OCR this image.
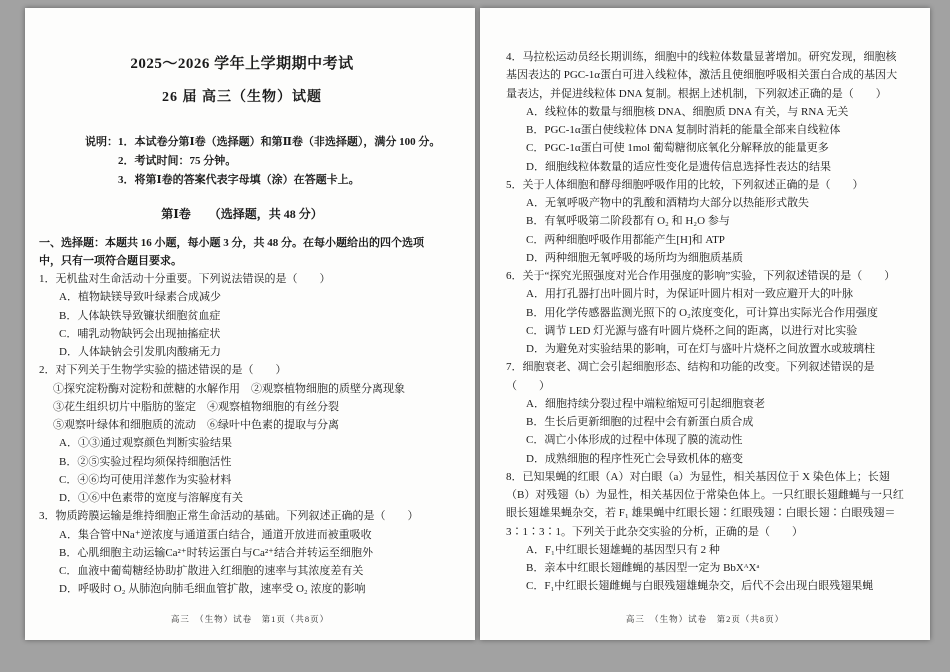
2025～2026 学年上学期期中考试
26 届 高三（生物）试题
说明：1．本试卷分第Ⅰ卷（选择题）和第Ⅱ卷（非选择题），满分 100 分。
2．考试时间：75 分钟。
3．将第Ⅰ卷的答案代表字母填（涂）在答题卡上。
第Ⅰ卷　　（选择题，共 48 分）
一、选择题：本题共 16 小题，每小题 3 分，共 48 分。在每小题给出的四个选项中，只有一项符合题目要求。
1．无机盐对生命活动十分重要。下列说法错误的是（　　）
A．植物缺镁导致叶绿素合成减少
B．人体缺铁导致镰状细胞贫血症
C．哺乳动物缺钙会出现抽搐症状
D．人体缺钠会引发肌肉酸痛无力
2．对下列关于生物学实验的描述错误的是（　　）
①探究淀粉酶对淀粉和蔗糖的水解作用　②观察植物细胞的质壁分离现象
③花生组织切片中脂肪的鉴定　④观察植物细胞的有丝分裂
⑤观察叶绿体和细胞质的流动　⑥绿叶中色素的提取与分离
A．①③通过观察颜色判断实验结果
B．②⑤实验过程均须保持细胞活性
C．④⑥均可使用洋葱作为实验材料
D．①⑥中色素带的宽度与溶解度有关
3．物质跨膜运输是维持细胞正常生命活动的基础。下列叙述正确的是（　　）
A．集合管中Na⁺逆浓度与通道蛋白结合，通道开放进而被重吸收
B．心肌细胞主动运输Ca²⁺时转运蛋白与Ca²⁺结合并转运至细胞外
C．血液中葡萄糖经协助扩散进入红细胞的速率与其浓度差有关
D．呼吸时 O₂ 从肺泡向肺毛细血管扩散，速率受 O₂ 浓度的影响
高三　（生物）试卷　第1页（共8页）
4．马拉松运动员经长期训练，细胞中的线粒体数量显著增加。研究发现，细胞核基因表达的 PGC-1α蛋白可进入线粒体，激活且使细胞呼吸相关蛋白合成的基因大量表达，并促进线粒体 DNA 复制。根据上述机制，下列叙述正确的是（　　）
A．线粒体的数量与细胞核 DNA、细胞质 DNA 有关，与 RNA 无关
B．PGC-1α蛋白使线粒体 DNA 复制时消耗的能量全部来自线粒体
C．PGC-1α蛋白可使 1mol 葡萄糖彻底氧化分解释放的能量更多
D．细胞线粒体数量的适应性变化是遗传信息选择性表达的结果
5．关于人体细胞和酵母细胞呼吸作用的比较，下列叙述正确的是（　　）
A．无氧呼吸产物中的乳酸和酒精均大部分以热能形式散失
B．有氧呼吸第二阶段都有 O₂ 和 H₂O 参与
C．两种细胞呼吸作用都能产生[H]和 ATP
D．两种细胞无氧呼吸的场所均为细胞质基质
6．关于“探究光照强度对光合作用强度的影响”实验，下列叙述错误的是（　　）
A．用打孔器打出叶圆片时，为保证叶圆片相对一致应避开大的叶脉
B．用化学传感器监测光照下的 O₂浓度变化，可计算出实际光合作用强度
C．调节 LED 灯光源与盛有叶圆片烧杯之间的距离，以进行对比实验
D．为避免对实验结果的影响，可在灯与盛叶片烧杯之间放置水或玻璃柱
7．细胞衰老、凋亡会引起细胞形态、结构和功能的改变。下列叙述错误的是（　　）
A．细胞持续分裂过程中端粒缩短可引起细胞衰老
B．生长后更新细胞的过程中会有新蛋白质合成
C．凋亡小体形成的过程中体现了膜的流动性
D．成熟细胞的程序性死亡会导致机体的癌变
8．已知果蝇的红眼（A）对白眼（a）为显性，相关基因位于 X 染色体上；长翅（B）对残翅（b）为显性，相关基因位于常染色体上。一只红眼长翅雌蝇与一只红眼长翅雄果蝇杂交，若 F₁ 雄果蝇中红眼长翅∶红眼残翅∶白眼长翅∶白眼残翅＝3∶1∶3∶1。下列关于此杂交实验的分析，正确的是（　　）
A．F₁中红眼长翅雄蝇的基因型只有 2 种
B．亲本中红眼长翅雌蝇的基因型一定为 BbXᴬXᵃ
C．F₁中红眼长翅雌蝇与白眼残翅雄蝇杂交，后代不会出现白眼残翅果蝇
高三　（生物）试卷　第2页（共8页）
